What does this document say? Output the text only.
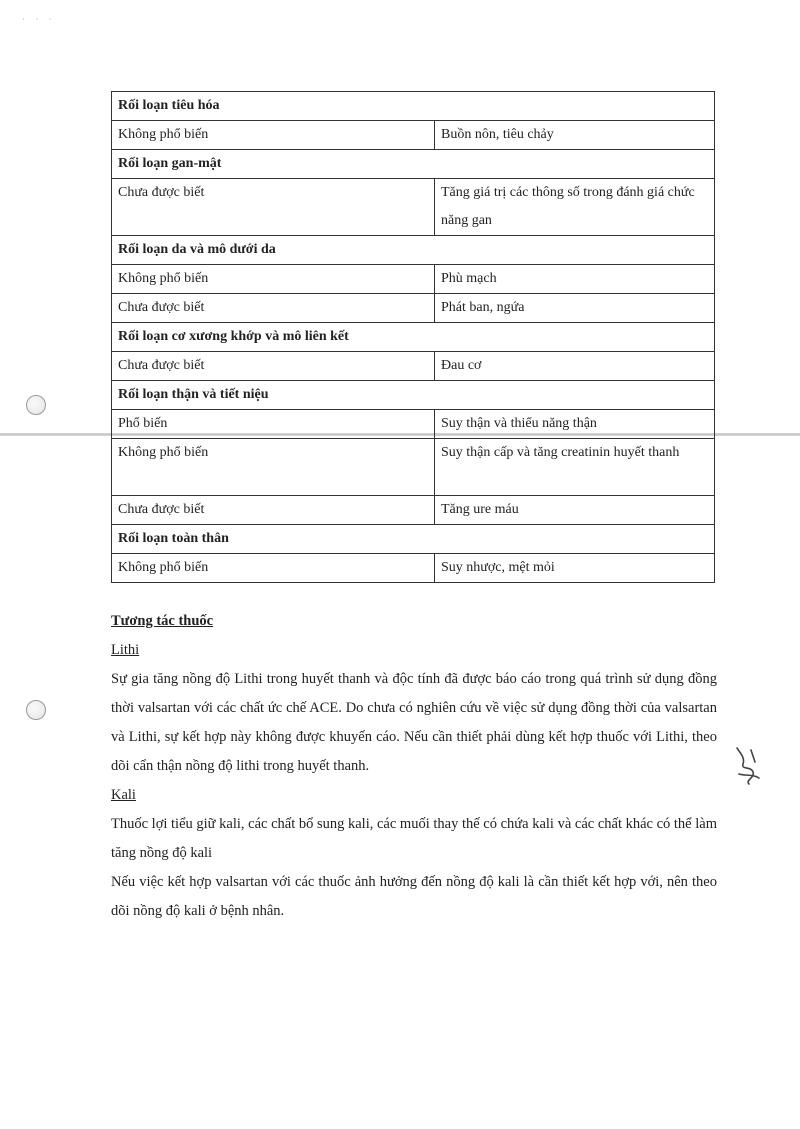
· · ·
Rối loạn tiêu hóa	
Không phổ biến	Buồn nôn, tiêu chảy
Rối loạn gan-mật	
Chưa được biết	Tăng giá trị các thông số trong đánh giá chức năng gan
Rối loạn da và mô dưới da	
Không phổ biến	Phù mạch
Chưa được biết	Phát ban, ngứa
Rối loạn cơ xương khớp và mô liên kết	
Chưa được biết	Đau cơ
Rối loạn thận và tiết niệu	
Phổ biến	Suy thận và thiểu năng thận
Không phổ biến	Suy thận cấp và tăng creatinin huyết thanh
Chưa được biết	Tăng ure máu
Rối loạn toàn thân	
Không phổ biến	Suy nhược, mệt mỏi
Tương tác thuốc
Lithi

Sự gia tăng nồng độ Lithi trong huyết thanh và độc tính đã được báo cáo trong quá trình sử dụng đồng thời valsartan với các chất ức chế ACE. Do chưa có nghiên cứu về việc sử dụng đồng thời của valsartan và Lithi, sự kết hợp này không được khuyến cáo. Nếu cần thiết phải dùng kết hợp thuốc với Lithi, theo dõi cẩn thận nồng độ lithi trong huyết thanh.

Kali

Thuốc lợi tiểu giữ kali, các chất bổ sung kali, các muối thay thế có chứa kali và các chất khác có thể làm tăng nồng độ kali

Nếu việc kết hợp valsartan với các thuốc ảnh hưởng đến nồng độ kali là cần thiết kết hợp với, nên theo dõi nồng độ kali ở bệnh nhân.
